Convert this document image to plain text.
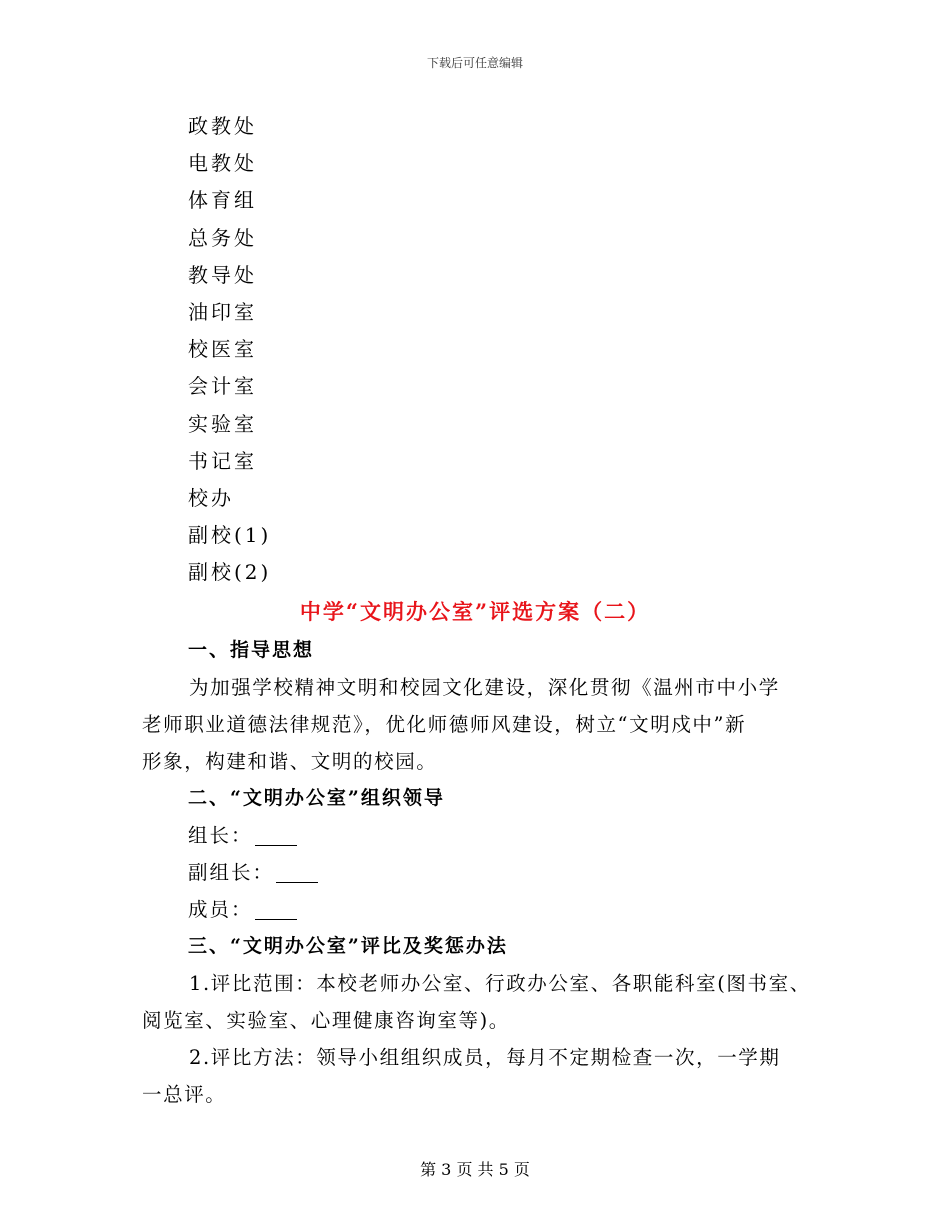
下载后可任意编辑
政教处
电教处
体育组
总务处
教导处
油印室
校医室
会计室
实验室
书记室
校办
副校(1)
副校(2)
中学“文明办公室”评选方案（二）
一、指导思想
为加强学校精神文明和校园文化建设，深化贯彻《温州市中小学
老师职业道德法律规范》，优化师德师风建设，树立“文明戍中”新
形象，构建和谐、文明的校园。
二、“文明办公室”组织领导
组长：
副组长：
成员：
三、“文明办公室”评比及奖惩办法
1.评比范围：本校老师办公室、行政办公室、各职能科室(图书室、
阅览室、实验室、心理健康咨询室等)。
2.评比方法：领导小组组织成员，每月不定期检查一次，一学期
一总评。
第 3 页 共 5 页
